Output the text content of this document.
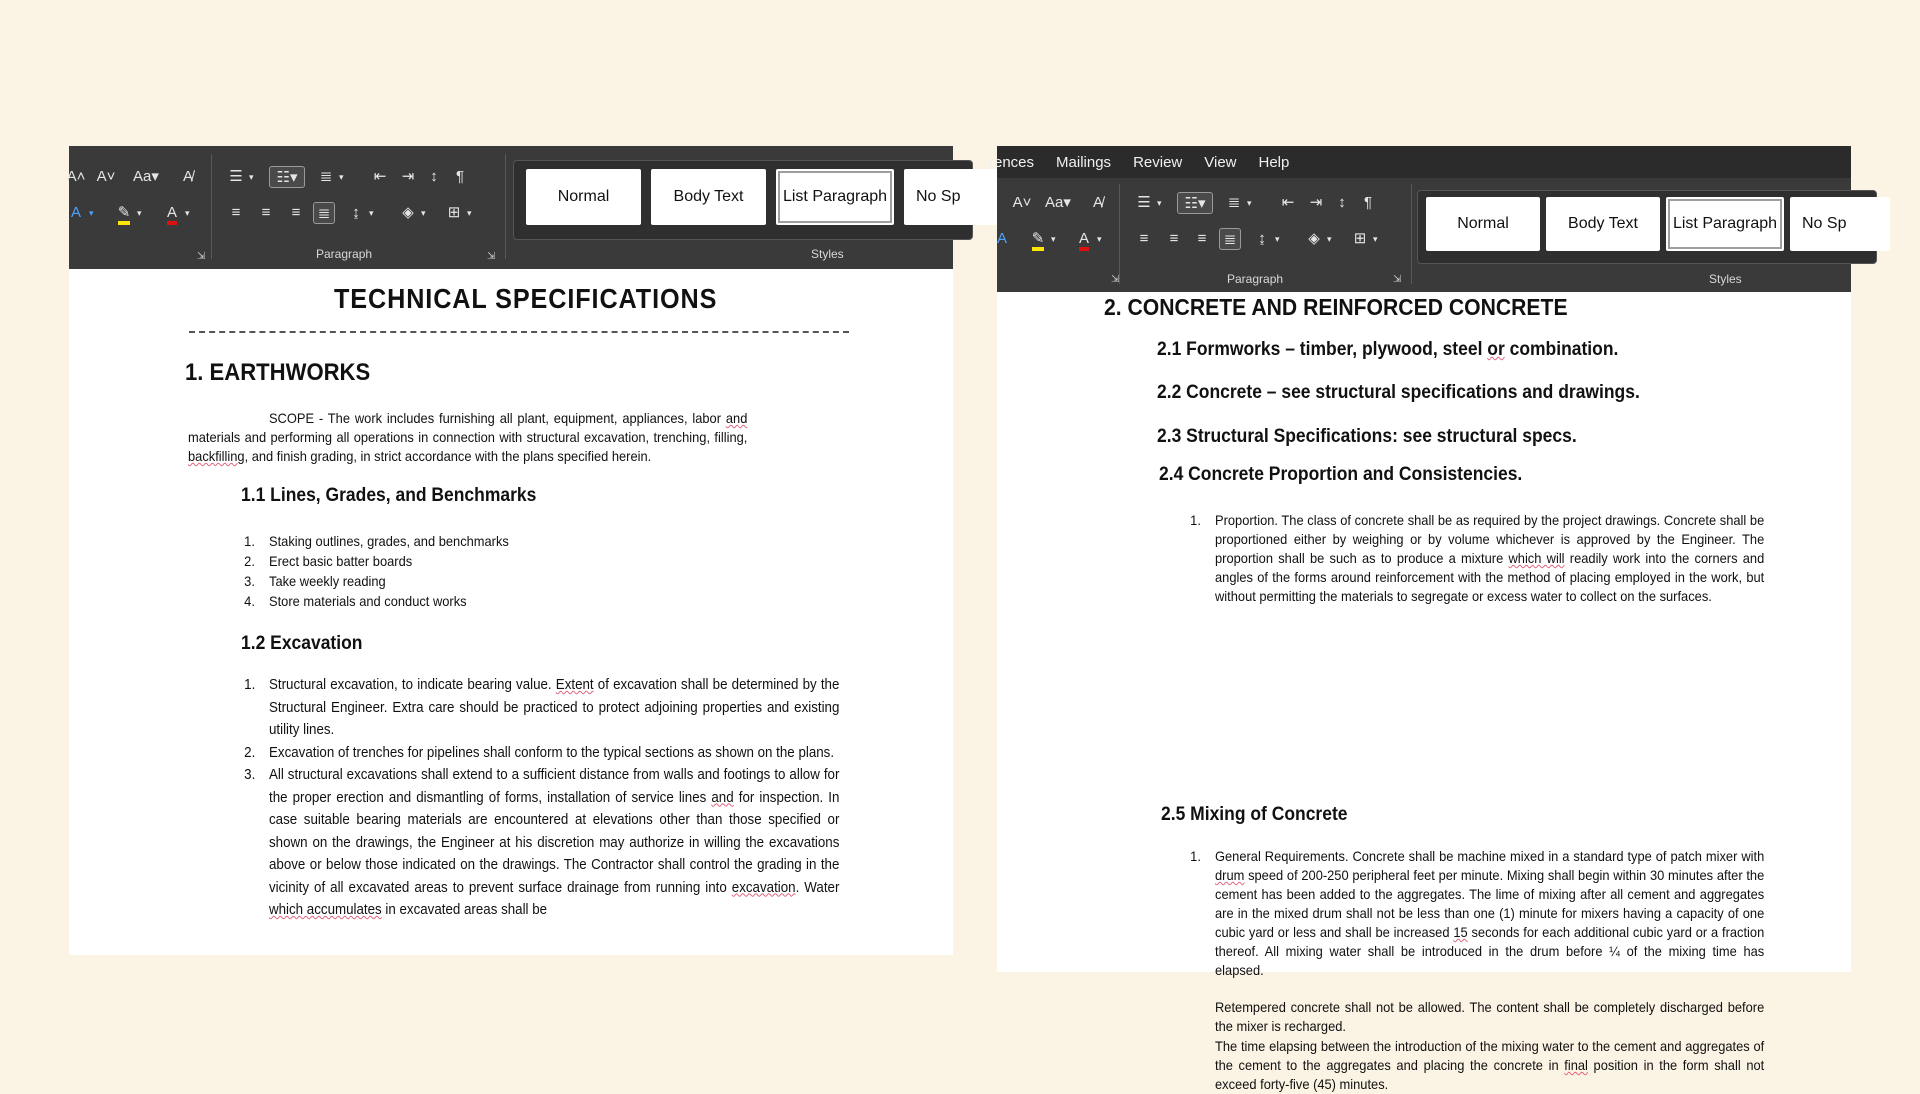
A˄ A˅ Aa▾	A̸
A ▾	✎ ▾	A ▾
☰ ▾	☷▾	≣ ▾	⇤	⇥	↕	¶
≡	≡	≡	≣	↨ ▾	◈ ▾	⊞ ▾
⇲	Paragraph	⇲
Normal	Body Text	List Paragraph	No Sp
Styles
TECHNICAL SPECIFICATIONS
1. EARTHWORKS
SCOPE - The work includes furnishing all plant, equipment, appliances, labor and materials and performing all operations in connection with structural excavation, trenching, filling, backfilling, and finish grading, in strict accordance with the plans specified herein.
1.1 Lines, Grades, and Benchmarks
1. Staking outlines, grades, and benchmarks
2. Erect basic batter boards
3. Take weekly reading
4. Store materials and conduct works
1.2 Excavation
1. Structural excavation, to indicate bearing value. Extent of excavation shall be determined by the Structural Engineer. Extra care should be practiced to protect adjoining properties and existing utility lines.
2. Excavation of trenches for pipelines shall conform to the typical sections as shown on the plans.
3. All structural excavations shall extend to a sufficient distance from walls and footings to allow for the proper erection and dismantling of forms, installation of service lines and for inspection. In case suitable bearing materials are encountered at elevations other than those specified or shown on the drawings, the Engineer at his discretion may authorize in willing the excavations above or below those indicated on the drawings. The Contractor shall control the grading in the vicinity of all excavated areas to prevent surface drainage from running into excavation. Water which accumulates in excavated areas shall be
rences Mailings Review View Help
A˅ Aa▾	A̸
A	✎ ▾	A ▾
☰ ▾	☷▾	≣ ▾	⇤	⇥	↕	¶
≡	≡	≡	≣	↨ ▾	◈ ▾	⊞ ▾
⇲	Paragraph	⇲
Normal	Body Text	List Paragraph	No Sp
Styles
2. CONCRETE AND REINFORCED CONCRETE
2.1 Formworks – timber, plywood, steel or combination.
2.2 Concrete – see structural specifications and drawings.
2.3 Structural Specifications: see structural specs.
2.4 Concrete Proportion and Consistencies.
1. Proportion. The class of concrete shall be as required by the project drawings. Concrete shall be proportioned either by weighing or by volume whichever is approved by the Engineer. The proportion shall be such as to produce a mixture which will readily work into the corners and angles of the forms around reinforcement with the method of placing employed in the work, but without permitting the materials to segregate or excess water to collect on the surfaces.
2.5 Mixing of Concrete
1. General Requirements. Concrete shall be machine mixed in a standard type of patch mixer with drum speed of 200-250 peripheral feet per minute. Mixing shall begin within 30 minutes after the cement has been added to the aggregates. The lime of mixing after all cement and aggregates are in the mixed drum shall not be less than one (1) minute for mixers having a capacity of one cubic yard or less and shall be increased 15 seconds for each additional cubic yard or a fraction thereof. All mixing water shall be introduced in the drum before ¼ of the mixing time has elapsed.
Retempered concrete shall not be allowed. The content shall be completely discharged before the mixer is recharged.
The time elapsing between the introduction of the mixing water to the cement and aggregates of the cement to the aggregates and placing the concrete in final position in the form shall not exceed forty-five (45) minutes.
